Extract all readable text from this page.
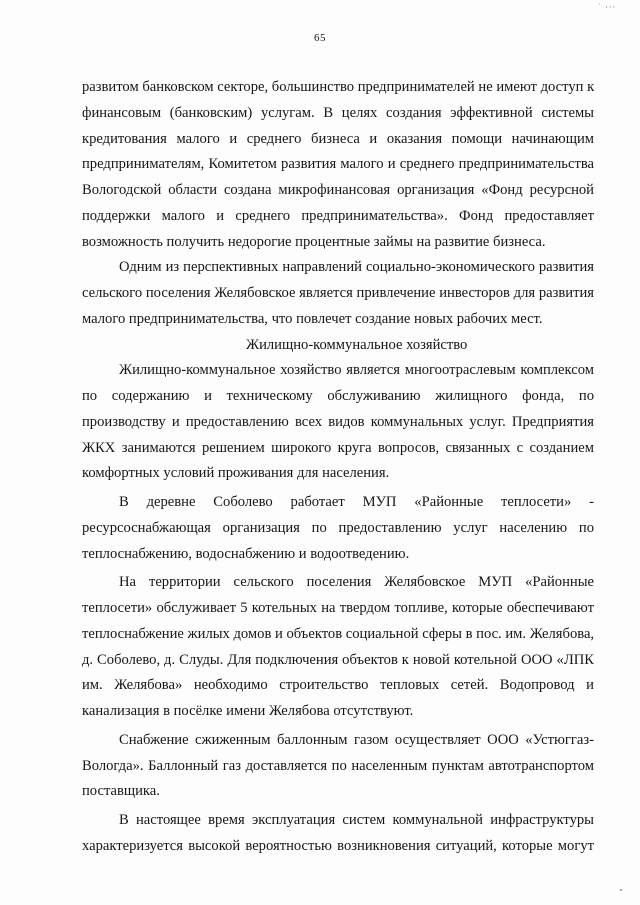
· ,,,
65
развитом банковском секторе, большинство предпринимателей не имеют доступ к
финансовым (банковским) услугам. В целях создания эффективной системы
кредитования малого и среднего бизнеса и оказания помощи начинающим
предпринимателям, Комитетом развития малого и среднего предпринимательства
Вологодской области создана микрофинансовая организация «Фонд ресурсной
поддержки малого и среднего предпринимательства». Фонд предоставляет
возможность получить недорогие процентные займы на развитие бизнеса.
Одним из перспективных направлений социально-экономического развития
сельского поселения Желябовское является привлечение инвесторов для развития
малого предпринимательства, что повлечет создание новых рабочих мест.
Жилищно-коммунальное хозяйство
Жилищно-коммунальное хозяйство является многоотраслевым комплексом
по содержанию и техническому обслуживанию жилищного фонда, по
производству и предоставлению всех видов коммунальных услуг. Предприятия
ЖКХ занимаются решением широкого круга вопросов, связанных с созданием
комфортных условий проживания для населения.
В деревне Соболево работает МУП «Районные теплосети» -
ресурсоснабжающая организация по предоставлению услуг населению по
теплоснабжению, водоснабжению и водоотведению.
На территории сельского поселения Желябовское МУП «Районные
теплосети» обслуживает 5 котельных на твердом топливе, которые обеспечивают
теплоснабжение жилых домов и объектов социальной сферы в пос. им. Желябова,
д. Соболево, д. Слуды. Для подключения объектов к новой котельной ООО «ЛПК
им. Желябова» необходимо строительство тепловых сетей. Водопровод и
канализация в посёлке имени Желябова отсутствуют.
Снабжение сжиженным баллонным газом осуществляет ООО «Устюггаз-
Вологда». Баллонный газ доставляется по населенным пунктам автотранспортом
поставщика.
В настоящее время эксплуатация систем коммунальной инфраструктуры
характеризуется высокой вероятностью возникновения ситуаций, которые могут
